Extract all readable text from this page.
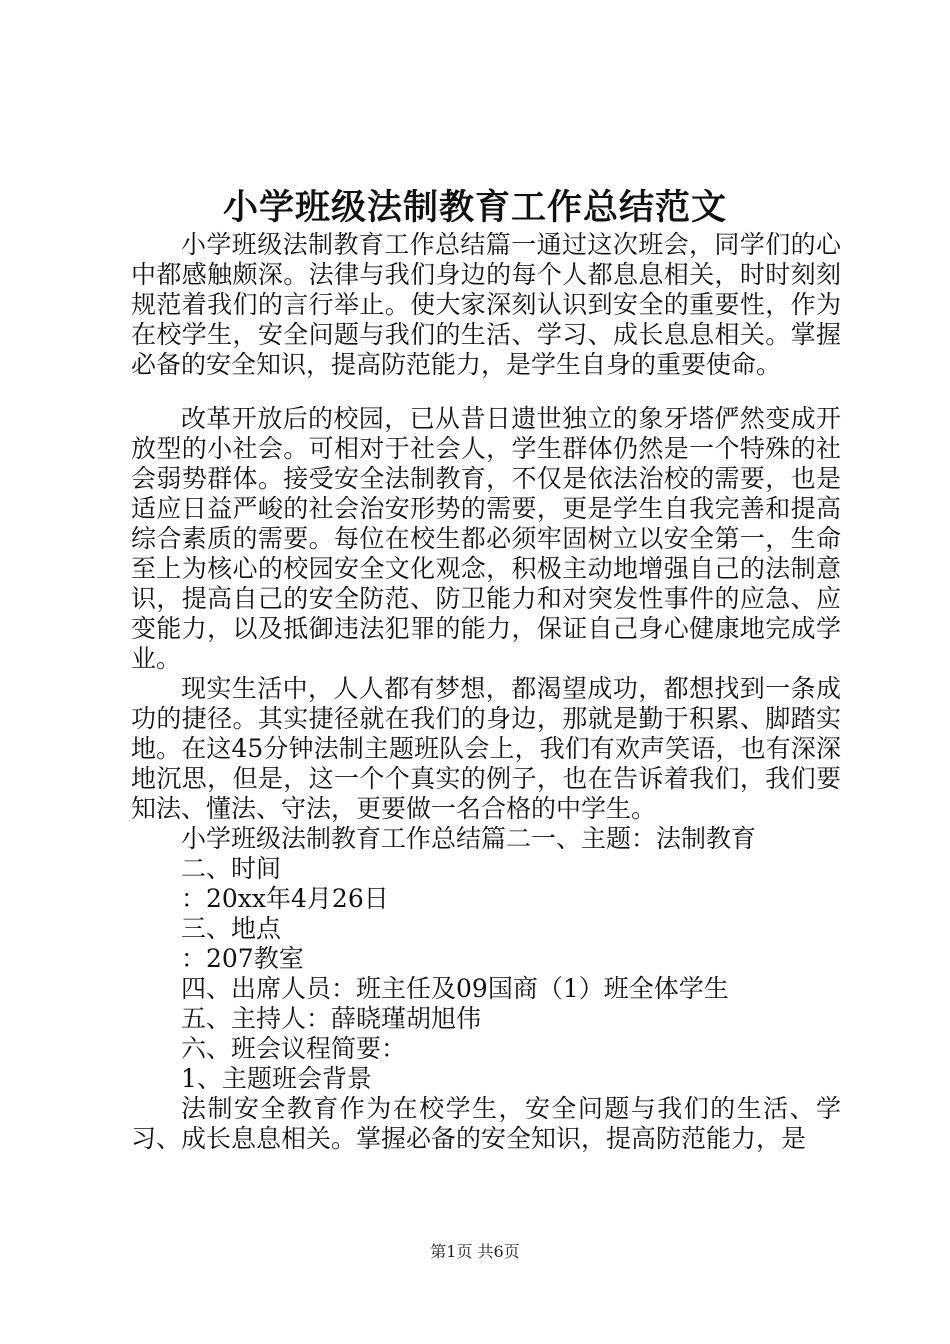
小学班级法制教育工作总结范文

小学班级法制教育工作总结篇一通过这次班会，同学们的心中都感触颇深。法律与我们身边的每个人都息息相关，时时刻刻规范着我们的言行举止。使大家深刻认识到安全的重要性，作为在校学生，安全问题与我们的生活、学习、成长息息相关。掌握必备的安全知识，提高防范能力，是学生自身的重要使命。

改革开放后的校园，已从昔日遗世独立的象牙塔俨然变成开放型的小社会。可相对于社会人，学生群体仍然是一个特殊的社会弱势群体。接受安全法制教育，不仅是依法治校的需要，也是适应日益严峻的社会治安形势的需要，更是学生自我完善和提高综合素质的需要。每位在校生都必须牢固树立以安全第一，生命至上为核心的校园安全文化观念，积极主动地增强自己的法制意识，提高自己的安全防范、防卫能力和对突发性事件的应急、应变能力，以及抵御违法犯罪的能力，保证自己身心健康地完成学业。

现实生活中，人人都有梦想，都渴望成功，都想找到一条成功的捷径。其实捷径就在我们的身边，那就是勤于积累、脚踏实地。在这45分钟法制主题班队会上，我们有欢声笑语，也有深深地沉思，但是，这一个个真实的例子，也在告诉着我们，我们要知法、懂法、守法，更要做一名合格的中学生。

小学班级法制教育工作总结篇二一、主题：法制教育

二、时间

：20xx年4月26日

三、地点

：207教室

四、出席人员：班主任及09国商（1）班全体学生

五、主持人：薛晓瑾胡旭伟

六、班会议程简要：

1、主题班会背景

法制安全教育作为在校学生，安全问题与我们的生活、学习、成长息息相关。掌握必备的安全知识，提高防范能力，是

第1页 共6页
